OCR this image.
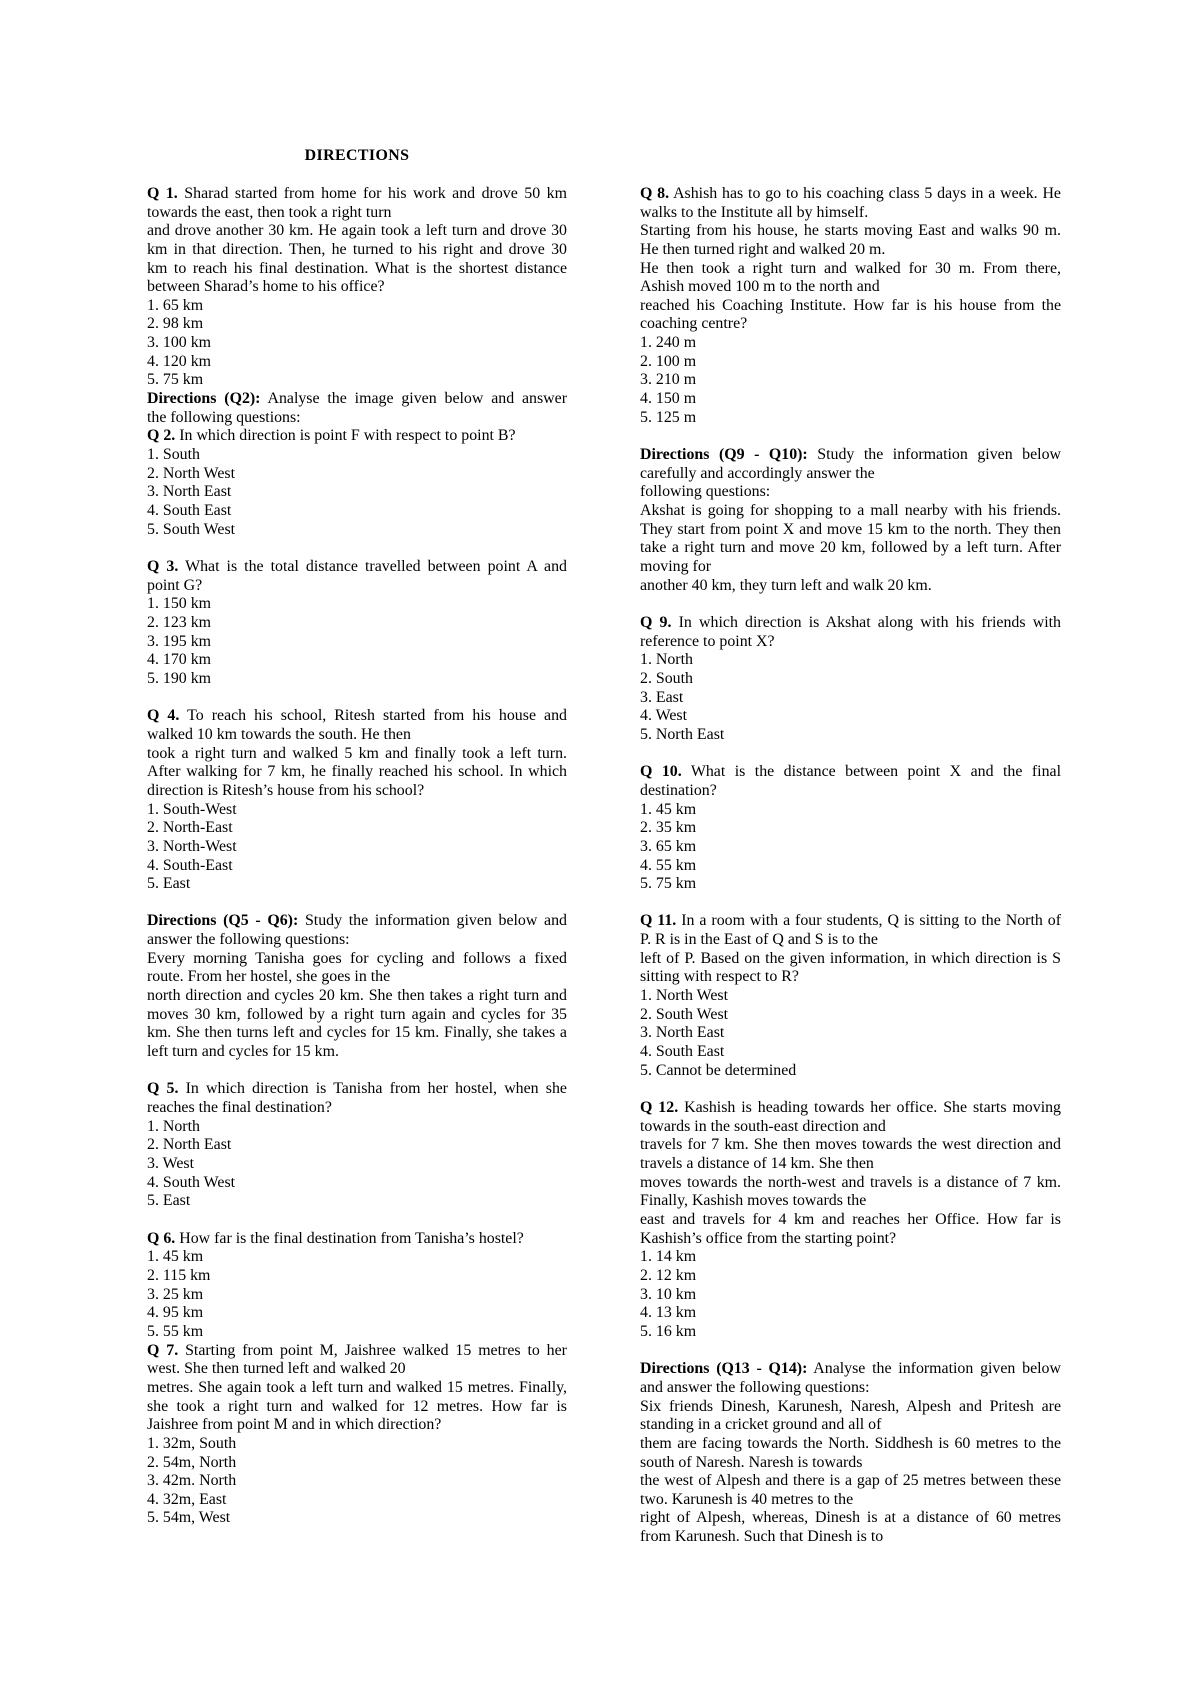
DIRECTIONS
Q 1. Sharad started from home for his work and drove 50 km
towards the east, then took a right turn
and drove another 30 km. He again took a left turn and drove 30
km in that direction. Then, he turned to his right and drove 30
km to reach his final destination. What is the shortest distance
between Sharad’s home to his office?
1. 65 km
2. 98 km
3. 100 km
4. 120 km
5. 75 km
Directions (Q2): Analyse the image given below and answer
the following questions:
Q 2. In which direction is point F with respect to point B?
1. South
2. North West
3. North East
4. South East
5. South West
Q 3. What is the total distance travelled between point A and
point G?
1. 150 km
2. 123 km
3. 195 km
4. 170 km
5. 190 km
Q 4. To reach his school, Ritesh started from his house and
walked 10 km towards the south. He then
took a right turn and walked 5 km and finally took a left turn.
After walking for 7 km, he finally reached his school. In which
direction is Ritesh’s house from his school?
1. South-West
2. North-East
3. North-West
4. South-East
5. East
Directions (Q5 - Q6): Study the information given below and
answer the following questions:
Every morning Tanisha goes for cycling and follows a fixed
route. From her hostel, she goes in the
north direction and cycles 20 km. She then takes a right turn and
moves 30 km, followed by a right turn again and cycles for 35
km. She then turns left and cycles for 15 km. Finally, she takes a
left turn and cycles for 15 km.
Q 5. In which direction is Tanisha from her hostel, when she
reaches the final destination?
1. North
2. North East
3. West
4. South West
5. East
Q 6. How far is the final destination from Tanisha’s hostel?
1. 45 km
2. 115 km
3. 25 km
4. 95 km
5. 55 km
Q 7. Starting from point M, Jaishree walked 15 metres to her
west. She then turned left and walked 20
metres. She again took a left turn and walked 15 metres. Finally,
she took a right turn and walked for 12 metres. How far is
Jaishree from point M and in which direction?
1. 32m, South
2. 54m, North
3. 42m. North
4. 32m, East
5. 54m, West
Q 8. Ashish has to go to his coaching class 5 days in a week. He
walks to the Institute all by himself.
Starting from his house, he starts moving East and walks 90 m.
He then turned right and walked 20 m.
He then took a right turn and walked for 30 m. From there,
Ashish moved 100 m to the north and
reached his Coaching Institute. How far is his house from the
coaching centre?
1. 240 m
2. 100 m
3. 210 m
4. 150 m
5. 125 m
Directions (Q9 - Q10): Study the information given below
carefully and accordingly answer the
following questions:
Akshat is going for shopping to a mall nearby with his friends.
They start from point X and move 15 km to the north. They then
take a right turn and move 20 km, followed by a left turn. After
moving for
another 40 km, they turn left and walk 20 km.
Q 9. In which direction is Akshat along with his friends with
reference to point X?
1. North
2. South
3. East
4. West
5. North East
Q 10. What is the distance between point X and the final
destination?
1. 45 km
2. 35 km
3. 65 km
4. 55 km
5. 75 km
Q 11. In a room with a four students, Q is sitting to the North of
P. R is in the East of Q and S is to the
left of P. Based on the given information, in which direction is S
sitting with respect to R?
1. North West
2. South West
3. North East
4. South East
5. Cannot be determined
Q 12. Kashish is heading towards her office. She starts moving
towards in the south-east direction and
travels for 7 km. She then moves towards the west direction and
travels a distance of 14 km. She then
moves towards the north-west and travels is a distance of 7 km.
Finally, Kashish moves towards the
east and travels for 4 km and reaches her Office. How far is
Kashish’s office from the starting point?
1. 14 km
2. 12 km
3. 10 km
4. 13 km
5. 16 km
Directions (Q13 - Q14): Analyse the information given below
and answer the following questions:
Six friends Dinesh, Karunesh, Naresh, Alpesh and Pritesh are
standing in a cricket ground and all of
them are facing towards the North. Siddhesh is 60 metres to the
south of Naresh. Naresh is towards
the west of Alpesh and there is a gap of 25 metres between these
two. Karunesh is 40 metres to the
right of Alpesh, whereas, Dinesh is at a distance of 60 metres
from Karunesh. Such that Dinesh is to
